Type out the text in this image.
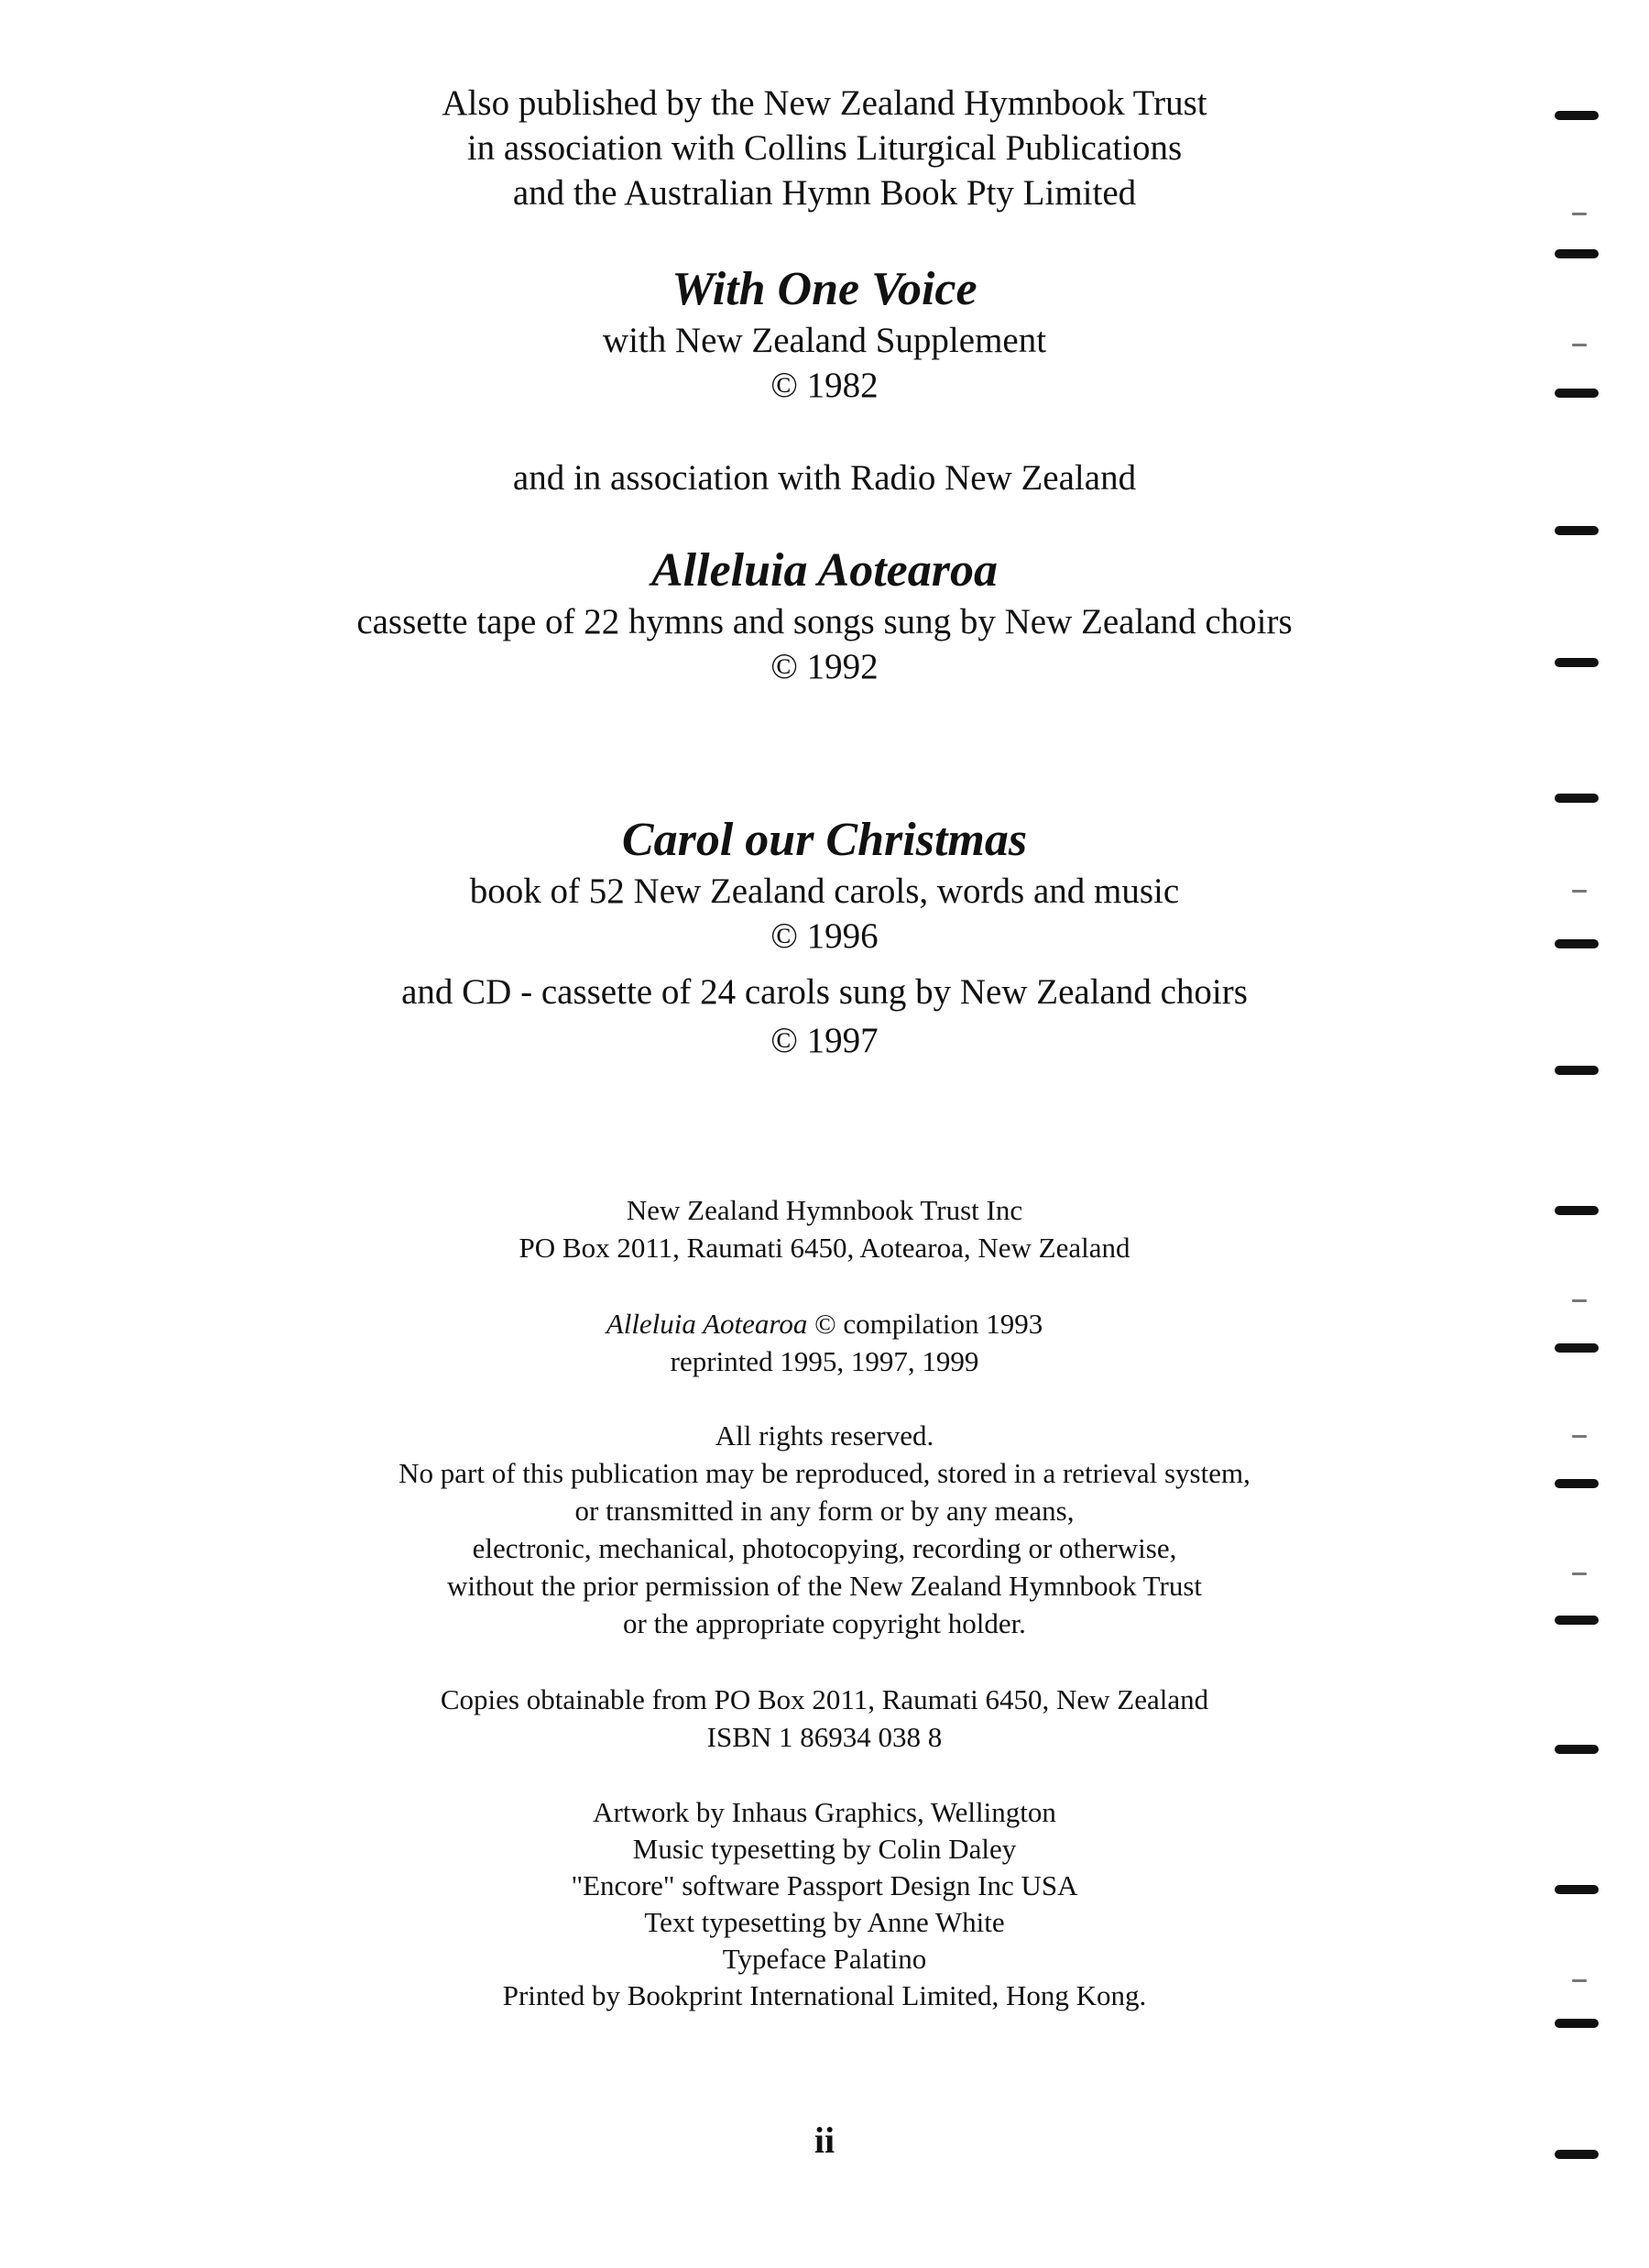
Also published by the New Zealand Hymnbook Trust
in association with Collins Liturgical Publications
and the Australian Hymn Book Pty Limited
With One Voice
with New Zealand Supplement
© 1982
and in association with Radio New Zealand
Alleluia Aotearoa
cassette tape of 22 hymns and songs sung by New Zealand choirs
© 1992
Carol our Christmas
book of 52 New Zealand carols, words and music
© 1996
and CD - cassette of 24 carols sung by New Zealand choirs
© 1997
New Zealand Hymnbook Trust Inc
PO Box 2011, Raumati 6450, Aotearoa, New Zealand
Alleluia Aotearoa © compilation 1993
reprinted 1995, 1997, 1999
All rights reserved.
No part of this publication may be reproduced, stored in a retrieval system,
or transmitted in any form or by any means,
electronic, mechanical, photocopying, recording or otherwise,
without the prior permission of the New Zealand Hymnbook Trust
or the appropriate copyright holder.
Copies obtainable from PO Box 2011, Raumati 6450, New Zealand
ISBN 1 86934 038 8
Artwork by Inhaus Graphics, Wellington
Music typesetting by Colin Daley
"Encore" software Passport Design Inc USA
Text typesetting by Anne White
Typeface Palatino
Printed by Bookprint International Limited, Hong Kong.
ii
